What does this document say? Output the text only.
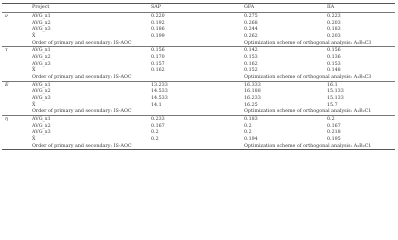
Project	SAP	GFA	IIA
ν	AVG_x1	0.220	0.275	0.223
AVG_x2	0.192	0.268	0.203
AVG_x3	0.186	0.244	0.183
X̄	0.199	0.262	0.203
Order of primary and secondary: IS-AOC	Optimization scheme of orthogonal analysis: A₂B₃C3
τ	AVG_x1	0.156	0.142	0.156
AVG_x2	0.170	0.153	0.136
AVG_x3	0.157	0.162	0.153
X̄	0.162	0.152	0.148
Order of primary and secondary: IS-AOC	Optimization scheme of orthogonal analysis: A₁B₃C3
E	AVG_x1	13.233	16.333	16.1
AVG_x2	14.533	16.188	15.133
AVG_x3	14.533	16.233	15.133
X̄	14.1	16.25	15.7
Order of primary and secondary: IS-AOC	Optimization scheme of orthogonal analysis: A₁B₂C1
η	AVG_x1	0.233	0.183	0.2
AVG_x2	0.167	0.2	0.167
AVG_x3	0.2	0.2	0.218
X̄	0.2	0.194	0.195
Order of primary and secondary: IS-AOC	Optimization scheme of orthogonal analysis: A₂B₂C1
